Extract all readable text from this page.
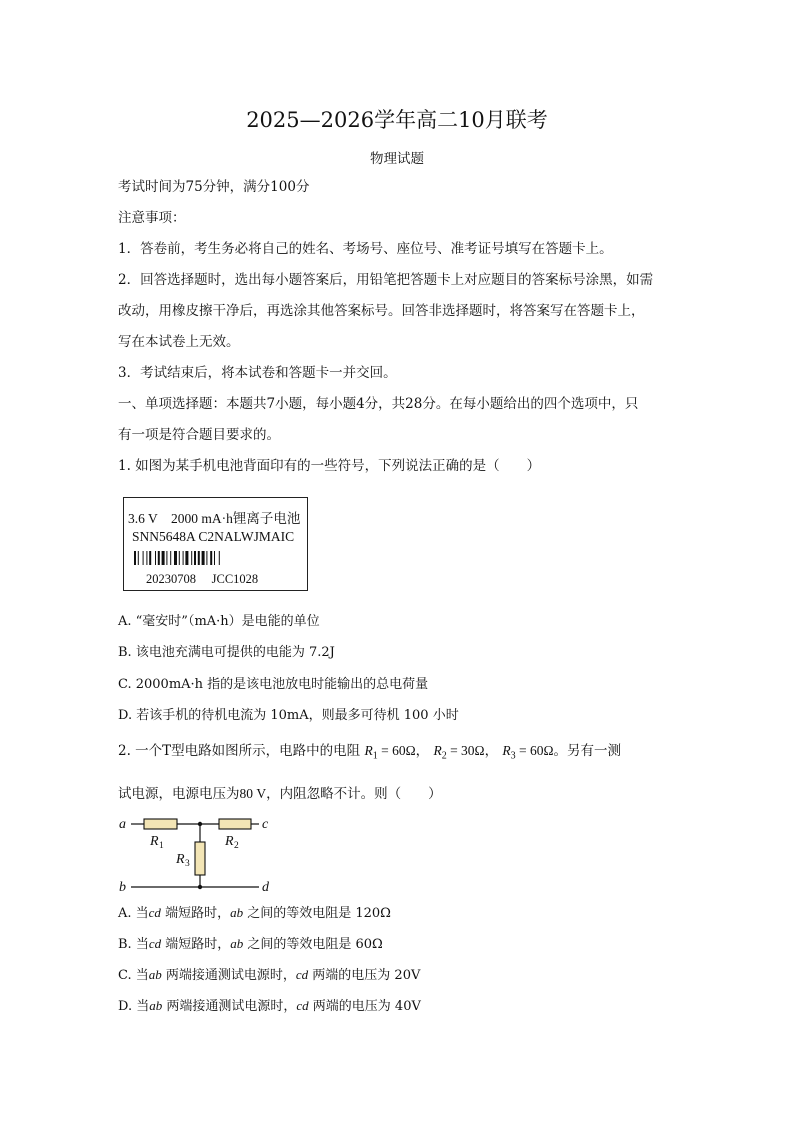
2025—2026学年高二10月联考
物理试题
考试时间为75分钟，满分100分
注意事项：
1．答卷前，考生务必将自己的姓名、考场号、座位号、准考证号填写在答题卡上。
2．回答选择题时，选出每小题答案后，用铅笔把答题卡上对应题目的答案标号涂黑，如需
改动，用橡皮擦干净后，再选涂其他答案标号。回答非选择题时，将答案写在答题卡上，
写在本试卷上无效。
3．考试结束后，将本试卷和答题卡一并交回。
一、单项选择题：本题共7小题，每小题4分，共28分。在每小题给出的四个选项中，只
有一项是符合题目要求的。
1. 如图为某手机电池背面印有的一些符号，下列说法正确的是（　　）
3.6 V　2000 mA·h锂离子电池
SNN5648A C2NALWJMAIC
20230708　 JCC1028
A. “毫安时”（mA·h）是电能的单位
B. 该电池充满电可提供的电能为 7.2J
C. 2000mA·h 指的是该电池放电时能输出的总电荷量
D. 若该手机的待机电流为 10mA，则最多可待机 100 小时
2. 一个T型电路如图所示，电路中的电阻 $R_1 = 60\Omega$， $R_2 = 30\Omega$， $R_3 = 60\Omega$。另有一测
试电源，电源电压为80 V，内阻忽略不计。则（　　）
a
b
c
d
R	R
R
1	2
3
A. 当cd 端短路时，ab 之间的等效电阻是 120Ω
B. 当cd 端短路时，ab 之间的等效电阻是 60Ω
C. 当ab 两端接通测试电源时，cd 两端的电压为 20V
D. 当ab 两端接通测试电源时，cd 两端的电压为 40V
